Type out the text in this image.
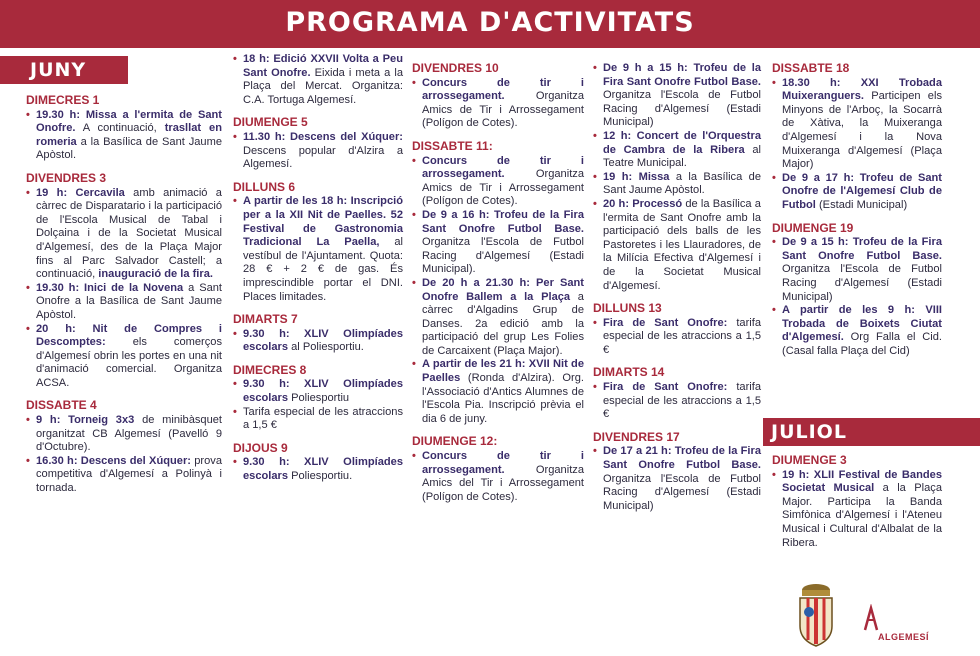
PROGRAMA D'ACTIVITATS
JUNY
JULIOL
DIMECRES 1
• 19.30 h: Missa a l'ermita de Sant Onofre. A continuació, trasllat en romeria a la Basílica de Sant Jaume Apòstol.
DIVENDRES 3
• 19 h: Cercavila amb animació a càrrec de Disparatario i la participació de l'Escola Musical de Tabal i Dolçaina i de la Societat Musical d'Algemesí, des de la Plaça Major fins al Parc Salvador Castell; a continuació, inauguració de la fira.
• 19.30 h: Inici de la Novena a Sant Onofre a la Basílica de Sant Jaume Apòstol.
• 20 h: Nit de Compres i Descomptes: els comerços d'Algemesí obrin les portes en una nit d'animació comercial. Organitza ACSA.
DISSABTE 4
• 9 h: Torneig 3x3 de minibàsquet organitzat CB Algemesí (Pavelló 9 d'Octubre).
• 16.30 h: Descens del Xúquer: prova competitiva d'Algemesí a Polinyà i tornada.
• 18 h: Edició XXVII Volta a Peu Sant Onofre. Eixida i meta a la Plaça del Mercat. Organitza: C.A. Tortuga Algemesí.
DIUMENGE 5
• 11.30 h: Descens del Xúquer: Descens popular d'Alzira a Algemesí.
DILLUNS 6
• A partir de les 18 h: Inscripció per a la XII Nit de Paelles. 52 Festival de Gastronomia Tradicional La Paella, al vestíbul de l'Ajuntament. Quota: 28 € + 2 € de gas. És imprescindible portar el DNI. Places limitades.
DIMARTS 7
• 9.30 h: XLIV Olimpíades escolars al Poliesportiu.
DIMECRES 8
• 9.30 h: XLIV Olimpíades escolars Poliesportiu
• Tarifa especial de les atraccions a 1,5 €
DIJOUS 9
• 9.30 h: XLIV Olimpíades escolars Poliesportiu.
DIVENDRES 10
• Concurs de tir i arrossegament. Organitza Amics de Tir i Arrossegament (Polígon de Cotes).
DISSABTE 11:
• Concurs de tir i arrossegament. Organitza Amics de Tir i Arrossegament (Polígon de Cotes).
• De 9 a 16 h: Trofeu de la Fira Sant Onofre Futbol Base. Organitza l'Escola de Futbol Racing d'Algemesí (Estadi Municipal).
• De 20 h a 21.30 h: Per Sant Onofre Ballem a la Plaça a càrrec d'Algadins Grup de Danses. 2a edició amb la participació del grup Les Folies de Carcaixent (Plaça Major).
• A partir de les 21 h: XVII Nit de Paelles (Ronda d'Alzira). Org. l'Associació d'Antics Alumnes de l'Escola Pia. Inscripció prèvia el dia 6 de juny.
DIUMENGE 12:
• Concurs de tir i arrossegament. Organitza Amics del Tir i Arrossegament (Polígon de Cotes).
• De 9 h a 15 h: Trofeu de la Fira Sant Onofre Futbol Base. Organitza l'Escola de Futbol Racing d'Algemesí (Estadi Municipal)
• 12 h: Concert de l'Orquestra de Cambra de la Ribera al Teatre Municipal.
• 19 h: Missa a la Basílica de Sant Jaume Apòstol.
• 20 h: Processó de la Basílica a l'ermita de Sant Onofre amb la participació dels balls de les Pastoretes i les Llauradores, de la Milícia Efectiva d'Algemesí i de la Societat Musical d'Algemesí.
DILLUNS 13
• Fira de Sant Onofre: tarifa especial de les atraccions a 1,5 €
DIMARTS 14
• Fira de Sant Onofre: tarifa especial de les atraccions a 1,5 €
DIVENDRES 17
• De 17 a 21 h: Trofeu de la Fira Sant Onofre Futbol Base. Organitza l'Escola de Futbol Racing d'Algemesí (Estadi Municipal)
DISSABTE 18
• 18.30 h: XXI Trobada Muixeranguers. Participen els Minyons de l'Arboç, la Socarrà de Xàtiva, la Muixeranga d'Algemesí i la Nova Muixeranga d'Algemesí (Plaça Major)
• De 9 a 17 h: Trofeu de Sant Onofre de l'Algemesí Club de Futbol (Estadi Municipal)
DIUMENGE 19
• De 9 a 15 h: Trofeu de la Fira Sant Onofre Futbol Base. Organitza l'Escola de Futbol Racing d'Algemesí (Estadi Municipal)
• A partir de les 9 h: VIII Trobada de Boixets Ciutat d'Algemesí. Org Falla el Cid. (Casal falla Plaça del Cid)
DIUMENGE 3
• 19 h: XLII Festival de Bandes Societat Musical a la Plaça Major. Participa la Banda Simfònica d'Algemesí i l'Ateneu Musical i Cultural d'Albalat de la Ribera.
ALGEMESÍ
